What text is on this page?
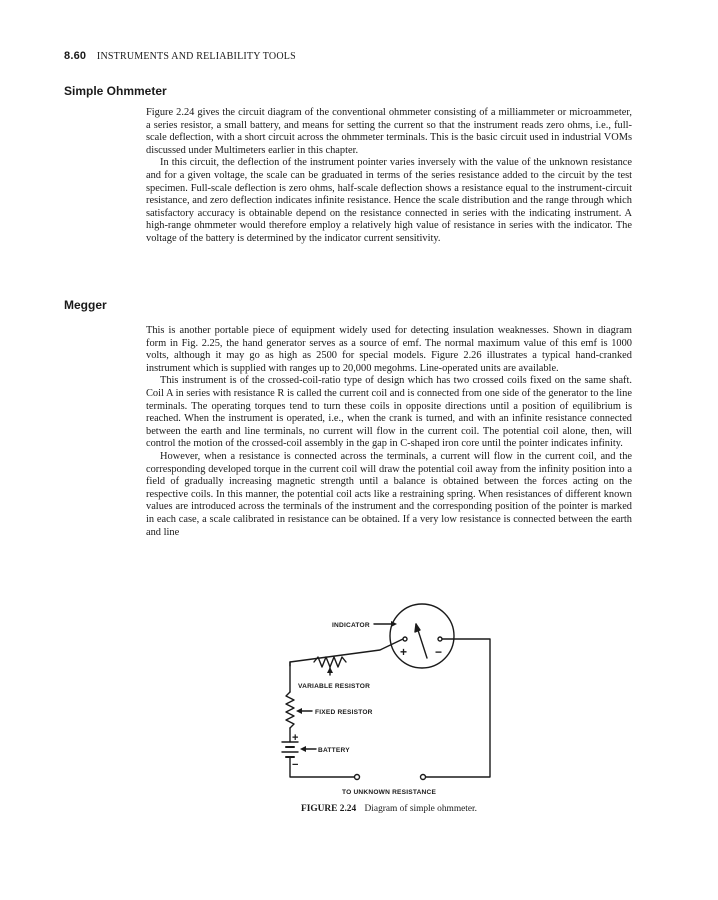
8.60 INSTRUMENTS AND RELIABILITY TOOLS
Simple Ohmmeter

Figure 2.24 gives the circuit diagram of the conventional ohmmeter consisting of a milliammeter or microammeter, a series resistor, a small battery, and means for setting the current so that the instrument reads zero ohms, i.e., full-scale deflection, with a short circuit across the ohmmeter terminals. This is the basic circuit used in industrial VOMs discussed under Multimeters earlier in this chapter.

In this circuit, the deflection of the instrument pointer varies inversely with the value of the unknown resistance and for a given voltage, the scale can be graduated in terms of the series resistance added to the circuit by the test specimen. Full-scale deflection is zero ohms, half-scale deflection shows a resistance equal to the instrument-circuit resistance, and zero deflection indicates infinite resistance. Hence the scale distribution and the range through which satisfactory accuracy is obtainable depend on the resistance connected in series with the indicating instrument. A high-range ohmmeter would therefore employ a relatively high value of resistance in series with the indicator. The voltage of the battery is determined by the indicator current sensitivity.

Megger

This is another portable piece of equipment widely used for detecting insulation weaknesses. Shown in diagram form in Fig. 2.25, the hand generator serves as a source of emf. The normal maximum value of this emf is 1000 volts, although it may go as high as 2500 for special models. Figure 2.26 illustrates a typical hand-cranked instrument which is supplied with ranges up to 20,000 megohms. Line-operated units are available.

This instrument is of the crossed-coil-ratio type of design which has two crossed coils fixed on the same shaft. Coil A in series with resistance R is called the current coil and is connected from one side of the generator to the line terminals. The operating torques tend to turn these coils in opposite directions until a position of equilibrium is reached. When the instrument is operated, i.e., when the crank is turned, and with an infinite resistance connected between the earth and line terminals, no current will flow in the current coil. The potential coil alone, then, will control the motion of the crossed-coil assembly in the gap in C-shaped iron core until the pointer indicates infinity.

However, when a resistance is connected across the terminals, a current will flow in the current coil, and the corresponding developed torque in the current coil will draw the potential coil away from the infinity position into a field of gradually increasing magnetic strength until a balance is obtained between the forces acting on the respective coils. In this manner, the potential coil acts like a restraining spring. When resistances of different known values are introduced across the terminals of the instrument and the corresponding position of the pointer is marked in each case, a scale calibrated in resistance can be obtained. If a very low resistance is connected between the earth and line

INDICATOR
VARIABLE RESISTOR
FIXED RESISTOR
BATTERY
TO UNKNOWN RESISTANCE
+ −
+
−
FIGURE 2.24 Diagram of simple ohmmeter.
